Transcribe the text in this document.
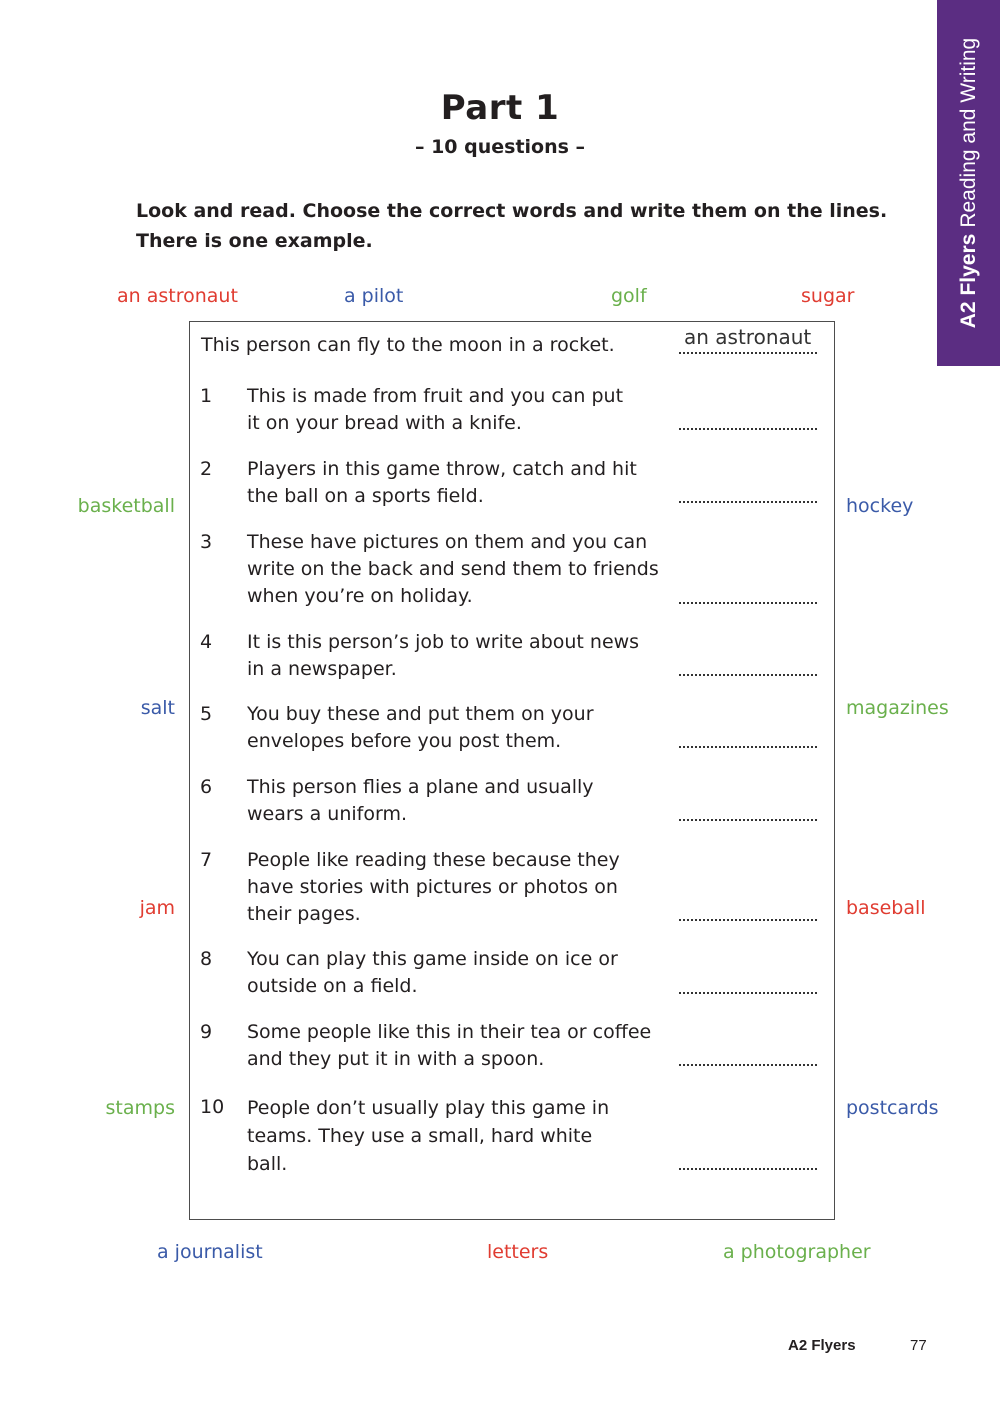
A2 FlyersReading and Writing
Part 1
– 10 questions –
Look and read. Choose the correct words and write them on the lines.
There is one example.
an astronaut	a pilot	golf	sugar
basketball
salt
jam
stamps
hockey
magazines
baseball
postcards
a journalist	letters	a photographer
This person can fly to the moon in a rocket.	an astronaut
1 This is made from fruit and you can put
it on your bread with a knife.
2 Players in this game throw, catch and hit
the ball on a sports field.
3 These have pictures on them and you can
write on the back and send them to friends
when you’re on holiday.
4 It is this person’s job to write about news
in a newspaper.
5 You buy these and put them on your
envelopes before you post them.
6 This person flies a plane and usually
wears a uniform.
7 People like reading these because they
have stories with pictures or photos on
their pages.
8 You can play this game inside on ice or
outside on a field.
9 Some people like this in their tea or coffee
and they put it in with a spoon.
10 People don’t usually play this game in
teams. They use a small, hard white
ball.
A2 Flyers	77
